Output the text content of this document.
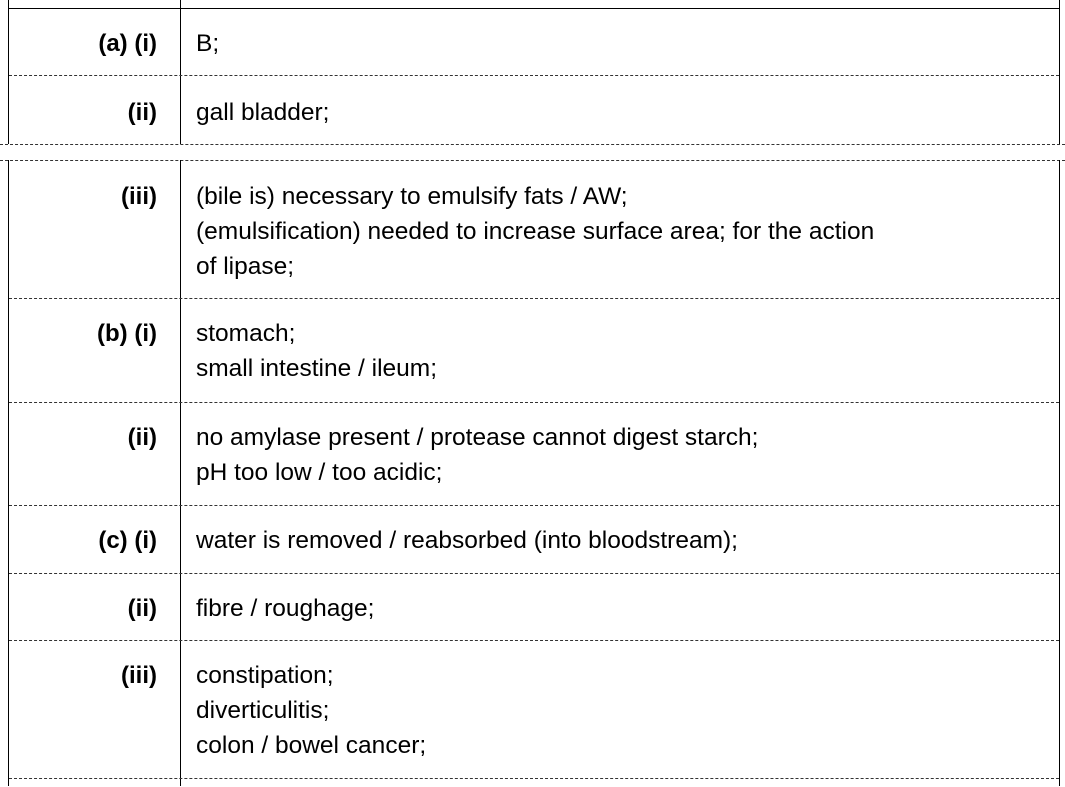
(a) (i) B;
(ii) gall bladder;
(iii) (bile is) necessary to emulsify fats / AW;
(emulsification) needed to increase surface area; for the action
of lipase;
(b) (i) stomach;
small intestine / ileum;
(ii) no amylase present / protease cannot digest starch;
pH too low / too acidic;
(c) (i) water is removed / reabsorbed (into bloodstream);
(ii) fibre / roughage;
(iii) constipation;
diverticulitis;
colon / bowel cancer;
